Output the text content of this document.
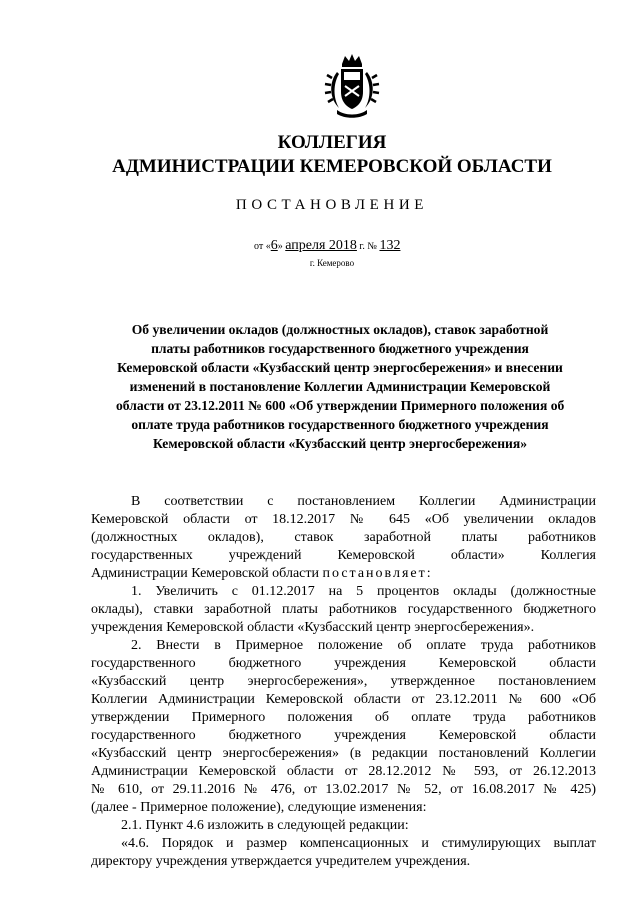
КОЛЛЕГИЯ
АДМИНИСТРАЦИИ КЕМЕРОВСКОЙ ОБЛАСТИ
ПОСТАНОВЛЕНИЕ
от «6» апреля 2018 г. № 132
г. Кемерово
Об увеличении окладов (должностных окладов), ставок заработной
платы работников государственного бюджетного учреждения
Кемеровской области «Кузбасский центр энергосбережения» и внесении
изменений в постановление Коллегии Администрации Кемеровской
области от 23.12.2011 № 600 «Об утверждении Примерного положения об
оплате труда работников государственного бюджетного учреждения
Кемеровской области «Кузбасский центр энергосбережения»
В соответствии с постановлением Коллегии Администрации
Кемеровской области от 18.12.2017 № 645 «Об увеличении окладов
(должностных окладов), ставок заработной платы работников
государственных учреждений Кемеровской области» Коллегия
Администрации Кемеровской области постановляет:
1. Увеличить с 01.12.2017 на 5 процентов оклады (должностные
оклады), ставки заработной платы работников государственного бюджетного
учреждения Кемеровской области «Кузбасский центр энергосбережения».
2. Внести в Примерное положение об оплате труда работников
государственного бюджетного учреждения Кемеровской области
«Кузбасский центр энергосбережения», утвержденное постановлением
Коллегии Администрации Кемеровской области от 23.12.2011 № 600 «Об
утверждении Примерного положения об оплате труда работников
государственного бюджетного учреждения Кемеровской области
«Кузбасский центр энергосбережения» (в редакции постановлений Коллегии
Администрации Кемеровской области от 28.12.2012 № 593, от 26.12.2013
№ 610, от 29.11.2016 № 476, от 13.02.2017 № 52, от 16.08.2017 № 425)
(далее - Примерное положение), следующие изменения:
2.1. Пункт 4.6 изложить в следующей редакции:
«4.6. Порядок и размер компенсационных и стимулирующих выплат
директору учреждения утверждается учредителем учреждения.
